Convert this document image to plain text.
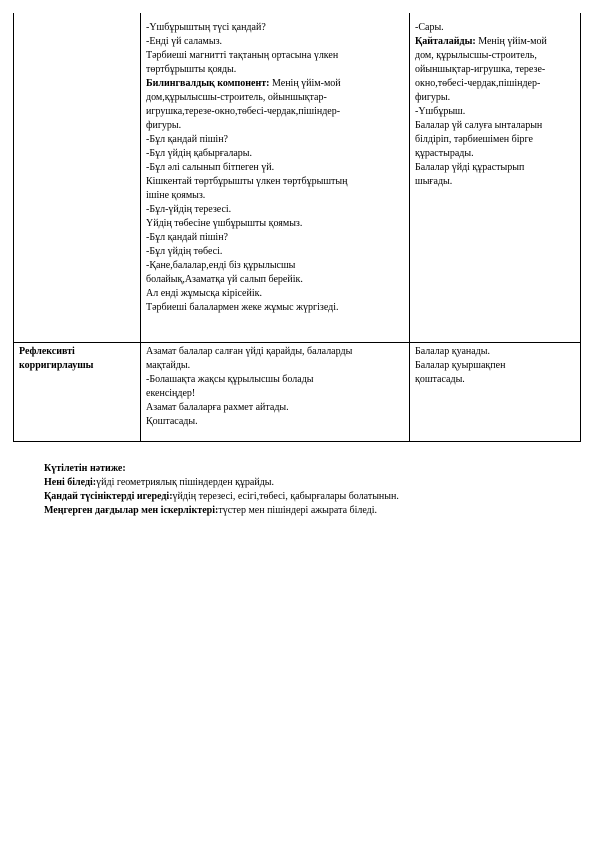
-Үшбұрыштың түсі қандай?
-Енді үй саламыз.
Тәрбиеші магнитті тақтаның ортасына үлкен
төртбұрышты қояды.
Билингвалдық компонент: Менің үйім-мой
дом,құрылысшы-строитель, ойыншықтар-
игрушка,терезе-окно,төбесі-чердак,пішіндер-
фигуры.
-Бұл қандай пішін?
-Бұл үйдің қабырғалары.
-Бұл әлі салынып бітпеген үй.
Кішкентай төртбұрышты үлкен төртбұрыштың
ішіне қоямыз.
-Бұл-үйдің терезесі.
Үйдің төбесіне үшбұрышты қоямыз.
-Бұл қандай пішін?
-Бұл үйдің төбесі.
-Қане,балалар,енді біз құрылысшы
болайық,Азаматқа үй салып берейік.
Ал енді жұмысқа кірісейік.
Тәрбиеші балалармен жеке жұмыс жүргізеді.
-Сары.
Қайталайды: Менің үйім-мой
дом, құрылысшы-строитель,
ойыншықтар-игрушка, терезе-
окно,төбесі-чердак,пішіндер-
фигуры.
-Үшбұрыш.
Балалар үй салуға ынталарын
білдіріп, тәрбиешімен бірге
құрастырады.
Балалар үйді құрастырып
шығады.
Рефлексивті
корригирлаушы
Азамат балалар салған үйді қарайды, балаларды
мақтайды.
-Болашақта жақсы құрылысшы болады
екенсіңдер!
Азамат балаларға рахмет айтады.
Қоштасады.
Балалар қуанады.
Балалар қуыршақпен
қоштасады.
Күтілетін нәтиже:
Нені біледі:үйді геометриялық пішіндерден құрайды.
Қандай түсініктерді игереді:үйдің терезесі, есігі,төбесі, қабырғалары болатынын.
Меңгерген дағдылар мен іскерліктері:түстер мен пішіндері ажырата біледі.
